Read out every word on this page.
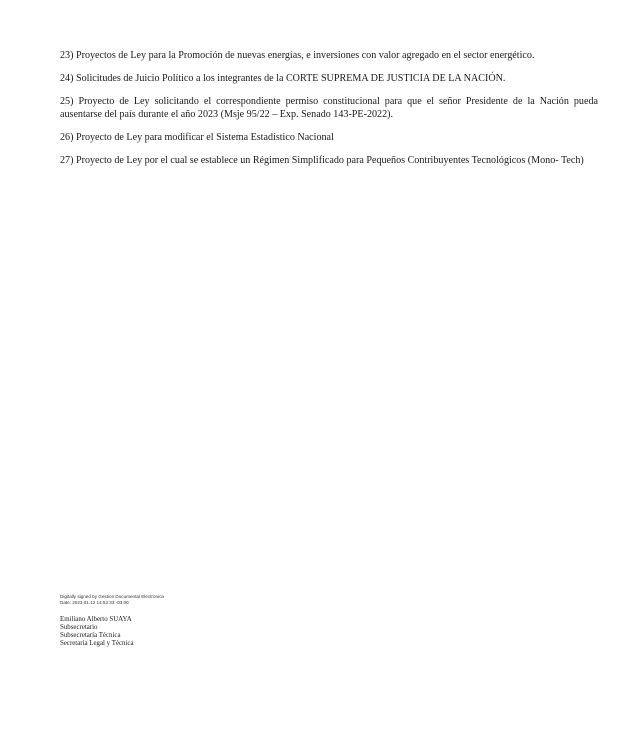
23) Proyectos de Ley para la Promoción de nuevas energías, e inversiones con valor agregado en el sector energético.

24) Solicitudes de Juicio Político a los integrantes de la CORTE SUPREMA DE JUSTICIA DE LA NACIÓN.

25) Proyecto de Ley solicitando el correspondiente permiso constitucional para que el señor Presidente de la Nación pueda ausentarse del país durante el año 2023 (Msje 95/22 – Exp. Senado 143-PE-2022).

26) Proyecto de Ley para modificar el Sistema Estadístico Nacional

27) Proyecto de Ley por el cual se establece un Régimen Simplificado para Pequeños Contribuyentes Tecnológicos (Mono- Tech)

Digitally signed by Gestion Documental Electronica
Date: 2023.01.12 14:52:33 -03:00
Emiliano Alberto SUAYA
Subsecretario
Subsecretaría Técnica
Secretaría Legal y Técnica
